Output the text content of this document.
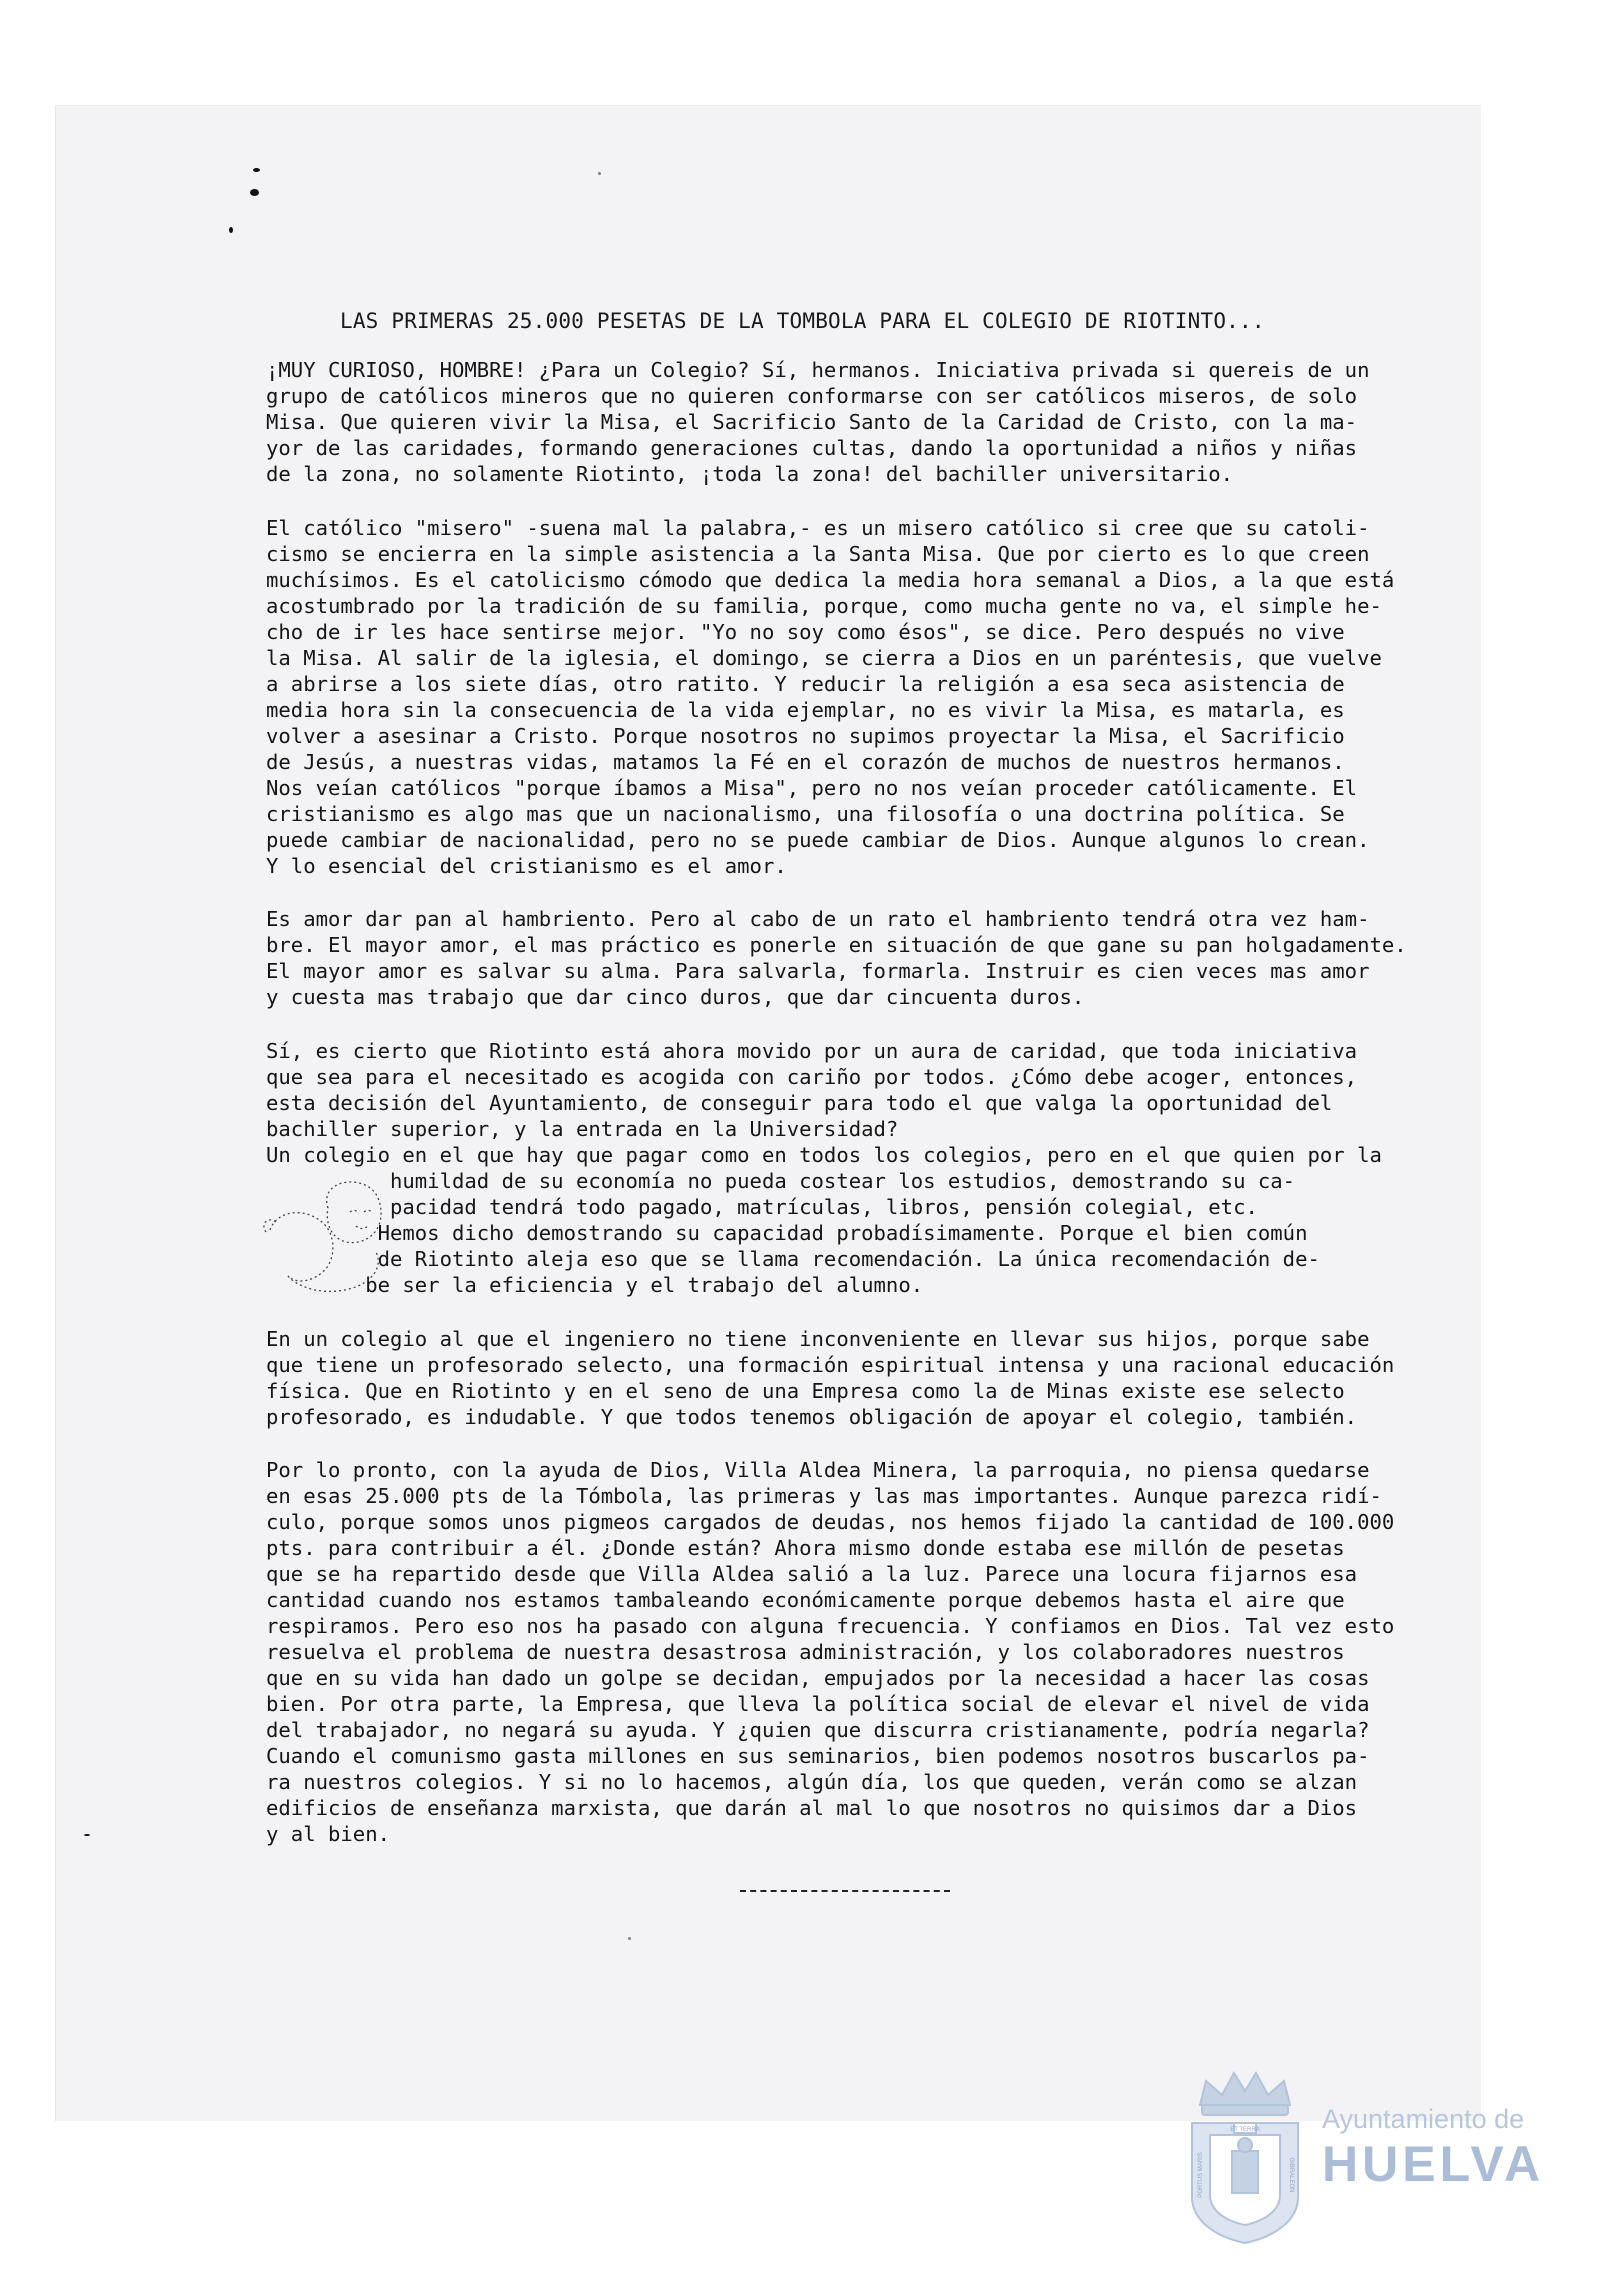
LAS PRIMERAS 25.000 PESETAS DE LA TOMBOLA PARA EL COLEGIO DE RIOTINTO...

¡MUY CURIOSO, HOMBRE! ¿Para un Colegio? Sí, hermanos. Iniciativa privada si quereis de un
grupo de católicos mineros que no quieren conformarse con ser católicos miseros, de solo
Misa. Que quieren vivir la Misa, el Sacrificio Santo de la Caridad de Cristo, con la ma-
yor de las caridades, formando generaciones cultas, dando la oportunidad a niños y niñas
de la zona, no solamente Riotinto, ¡toda la zona! del bachiller universitario.

El católico "misero" -suena mal la palabra,- es un misero católico si cree que su catoli-
cismo se encierra en la simple asistencia a la Santa Misa. Que por cierto es lo que creen
muchísimos. Es el catolicismo cómodo que dedica la media hora semanal a Dios, a la que está
acostumbrado por la tradición de su familia, porque, como mucha gente no va, el simple he-
cho de ir les hace sentirse mejor. "Yo no soy como ésos", se dice. Pero después no vive
la Misa. Al salir de la iglesia, el domingo, se cierra a Dios en un paréntesis, que vuelve
a abrirse a los siete días, otro ratito. Y reducir la religión a esa seca asistencia de
media hora sin la consecuencia de la vida ejemplar, no es vivir la Misa, es matarla, es
volver a asesinar a Cristo. Porque nosotros no supimos proyectar la Misa, el Sacrificio
de Jesús, a nuestras vidas, matamos la Fé en el corazón de muchos de nuestros hermanos.
Nos veían católicos "porque íbamos a Misa", pero no nos veían proceder católicamente. El
cristianismo es algo mas que un nacionalismo, una filosofía o una doctrina política. Se
puede cambiar de nacionalidad, pero no se puede cambiar de Dios. Aunque algunos lo crean.
Y lo esencial del cristianismo es el amor.

Es amor dar pan al hambriento. Pero al cabo de un rato el hambriento tendrá otra vez ham-
bre. El mayor amor, el mas práctico es ponerle en situación de que gane su pan holgadamente.
El mayor amor es salvar su alma. Para salvarla, formarla. Instruir es cien veces mas amor
y cuesta mas trabajo que dar cinco duros, que dar cincuenta duros.

Sí, es cierto que Riotinto está ahora movido por un aura de caridad, que toda iniciativa
que sea para el necesitado es acogida con cariño por todos. ¿Cómo debe acoger, entonces,
esta decisión del Ayuntamiento, de conseguir para todo el que valga la oportunidad del
bachiller superior, y la entrada en la Universidad?
Un colegio en el que hay que pagar como en todos los colegios, pero en el que quien por la
humildad de su economía no pueda costear los estudios, demostrando su ca-
pacidad tendrá todo pagado, matrículas, libros, pensión colegial, etc.
Hemos dicho demostrando su capacidad probadísimamente. Porque el bien común
de Riotinto aleja eso que se llama recomendación. La única recomendación de-
be ser la eficiencia y el trabajo del alumno.

En un colegio al que el ingeniero no tiene inconveniente en llevar sus hijos, porque sabe
que tiene un profesorado selecto, una formación espiritual intensa y una racional educación
física. Que en Riotinto y en el seno de una Empresa como la de Minas existe ese selecto
profesorado, es indudable. Y que todos tenemos obligación de apoyar el colegio, también.

Por lo pronto, con la ayuda de Dios, Villa Aldea Minera, la parroquia, no piensa quedarse
en esas 25.000 pts de la Tómbola, las primeras y las mas importantes. Aunque parezca ridí-
culo, porque somos unos pigmeos cargados de deudas, nos hemos fijado la cantidad de 100.000
pts. para contribuir a él. ¿Donde están? Ahora mismo donde estaba ese millón de pesetas
que se ha repartido desde que Villa Aldea salió a la luz. Parece una locura fijarnos esa
cantidad cuando nos estamos tambaleando económicamente porque debemos hasta el aire que
respiramos. Pero eso nos ha pasado con alguna frecuencia. Y confiamos en Dios. Tal vez esto
resuelva el problema de nuestra desastrosa administración, y los colaboradores nuestros
que en su vida han dado un golpe se decidan, empujados por la necesidad a hacer las cosas
bien. Por otra parte, la Empresa, que lleva la política social de elevar el nivel de vida
del trabajador, no negará su ayuda. Y ¿quien que discurra cristianamente, podría negarla?
Cuando el comunismo gasta millones en sus seminarios, bien podemos nosotros buscarlos pa-
ra nuestros colegios. Y si no lo hacemos, algún día, los que queden, verán como se alzan
edificios de enseñanza marxista, que darán al mal lo que nosotros no quisimos dar a Dios
y al bien.

ET TERRA
PORTUS MARIS	GIBRALEON
Ayuntamiento de
HUELVA
